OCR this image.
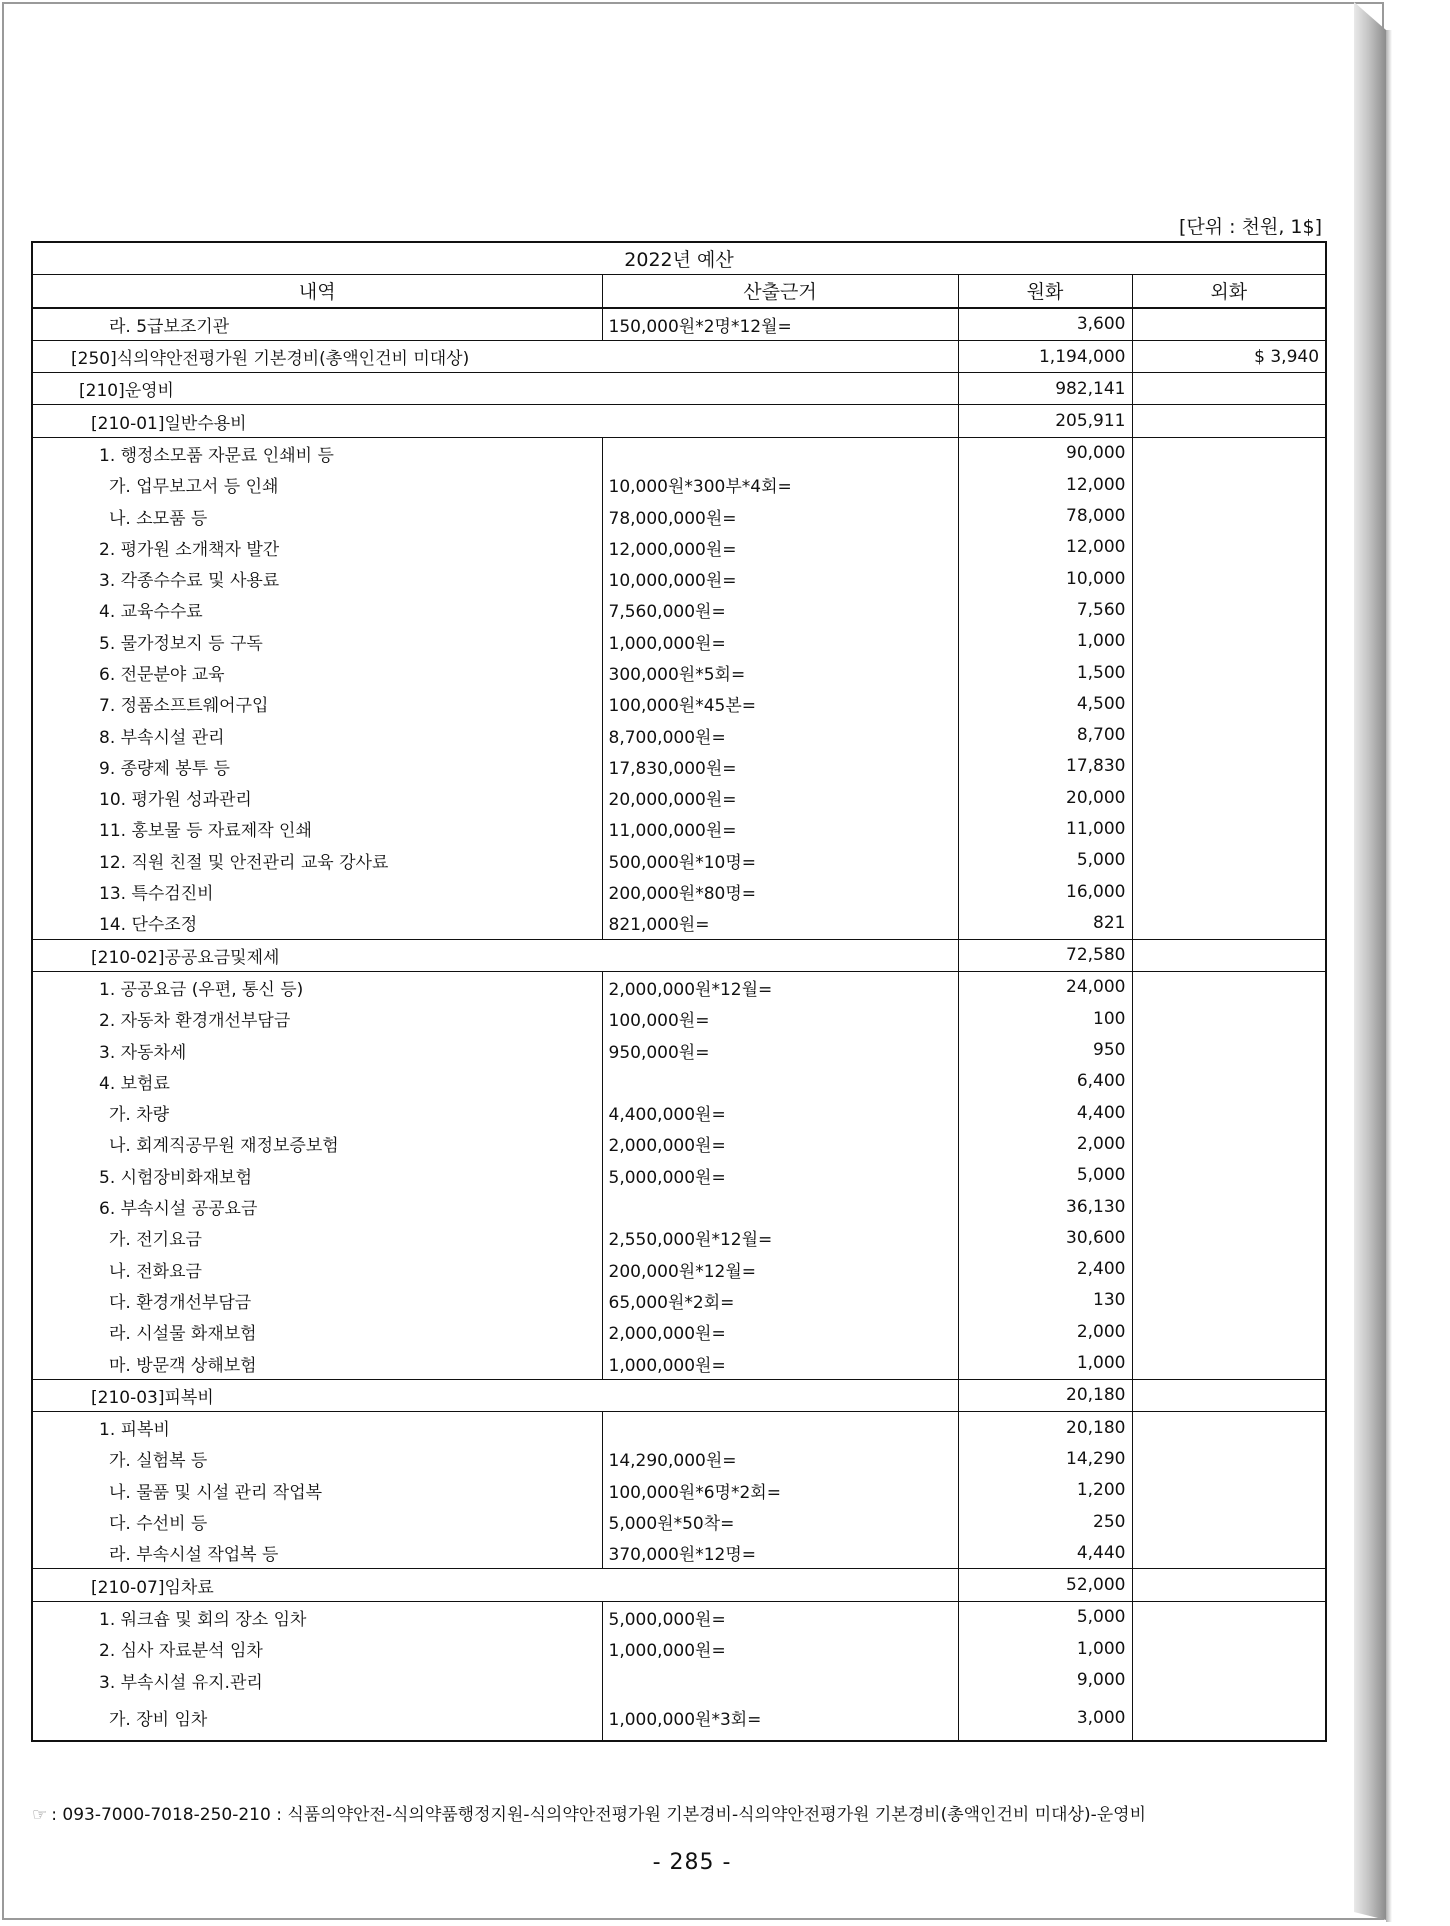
[단위 : 천원, 1$]
2022년 예산			
내역	산출근거	원화	외화
라. 5급보조기관	150,000원*2명*12월=	3,600	
[250]식의약안전평가원 기본경비(총액인건비 미대상)		1,194,000	$ 3,940
[210]운영비		982,141	
[210-01]일반수용비		205,911	
1. 행정소모품 자문료 인쇄비 등		90,000	
가. 업무보고서 등 인쇄	10,000원*300부*4회=	12,000	
나. 소모품 등	78,000,000원=	78,000	
2. 평가원 소개책자 발간	12,000,000원=	12,000	
3. 각종수수료 및 사용료	10,000,000원=	10,000	
4. 교육수수료	7,560,000원=	7,560	
5. 물가정보지 등 구독	1,000,000원=	1,000	
6. 전문분야 교육	300,000원*5회=	1,500	
7. 정품소프트웨어구입	100,000원*45본=	4,500	
8. 부속시설 관리	8,700,000원=	8,700	
9. 종량제 봉투 등	17,830,000원=	17,830	
10. 평가원 성과관리	20,000,000원=	20,000	
11. 홍보물 등 자료제작 인쇄	11,000,000원=	11,000	
12. 직원 친절 및 안전관리 교육 강사료	500,000원*10명=	5,000	
13. 특수검진비	200,000원*80명=	16,000	
14. 단수조정	821,000원=	821	
[210-02]공공요금및제세		72,580	
1. 공공요금 (우편, 통신 등)	2,000,000원*12월=	24,000	
2. 자동차 환경개선부담금	100,000원=	100	
3. 자동차세	950,000원=	950	
4. 보험료		6,400	
가. 차량	4,400,000원=	4,400	
나. 회계직공무원 재정보증보험	2,000,000원=	2,000	
5. 시험장비화재보험	5,000,000원=	5,000	
6. 부속시설 공공요금		36,130	
가. 전기요금	2,550,000원*12월=	30,600	
나. 전화요금	200,000원*12월=	2,400	
다. 환경개선부담금	65,000원*2회=	130	
라. 시설물 화재보험	2,000,000원=	2,000	
마. 방문객 상해보험	1,000,000원=	1,000	
[210-03]피복비		20,180	
1. 피복비		20,180	
가. 실험복 등	14,290,000원=	14,290	
나. 물품 및 시설 관리 작업복	100,000원*6명*2회=	1,200	
다. 수선비 등	5,000원*50착=	250	
라. 부속시설 작업복 등	370,000원*12명=	4,440	
[210-07]임차료		52,000	
1. 워크숍 및 회의 장소 임차	5,000,000원=	5,000	
2. 심사 자료분석 임차	1,000,000원=	1,000	
3. 부속시설 유지.관리		9,000	
가. 장비 임차	1,000,000원*3회=	3,000	
☞ : 093-7000-7018-250-210 : 식품의약안전-식의약품행정지원-식의약안전평가원 기본경비-식의약안전평가원 기본경비(총액인건비 미대상)-운영비
- 285 -
